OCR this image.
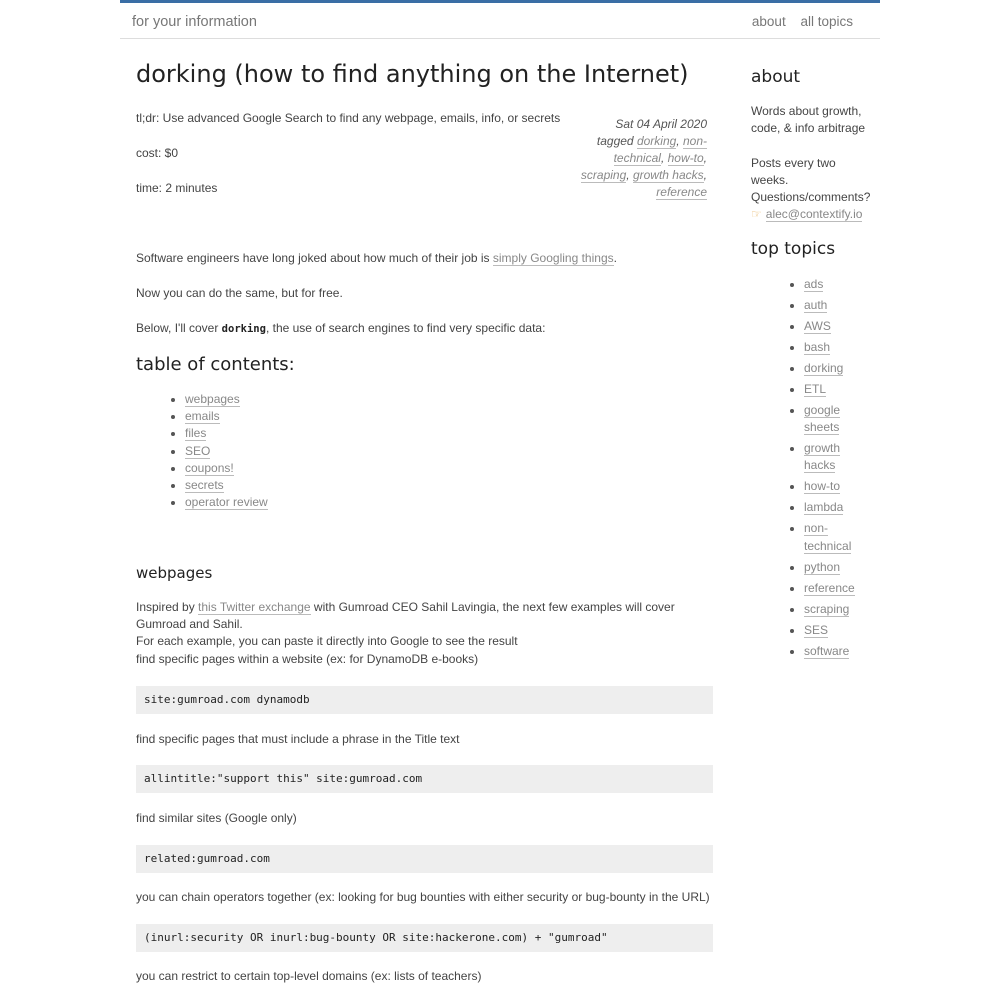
for your information	about all topics
dorking (how to find anything on the Internet)
tl;dr: Use advanced Google Search to find any webpage, emails, info, or secrets
cost: $0
time: 2 minutes
Sat 04 April 2020
tagged dorking, non-technical, how-to, scraping, growth hacks, reference
Software engineers have long joked about how much of their job is simply Googling things.
Now you can do the same, but for free.
Below, I'll cover dorking, the use of search engines to find very specific data:
table of contents:
• webpages
• emails
• files
• SEO
• coupons!
• secrets
• operator review
webpages
Inspired by this Twitter exchange with Gumroad CEO Sahil Lavingia, the next few examples will cover Gumroad and Sahil.
For each example, you can paste it directly into Google to see the result
find specific pages within a website (ex: for DynamoDB e-books)
site:gumroad.com dynamodb
find specific pages that must include a phrase in the Title text
allintitle:"support this" site:gumroad.com
find similar sites (Google only)
related:gumroad.com
you can chain operators together (ex: looking for bug bounties with either security or bug-bounty in the URL)
(inurl:security OR inurl:bug-bounty OR site:hackerone.com) + "gumroad"
you can restrict to certain top-level domains (ex: lists of teachers)
about
Words about growth,
code, & info arbitrage
Posts every two weeks.
Questions/comments?
☞ alec@contextify.io
top topics
• ads
• auth
• AWS
• bash
• dorking
• ETL
• google sheets
• growth hacks
• how-to
• lambda
• non-technical
• python
• reference
• scraping
• SES
• software
